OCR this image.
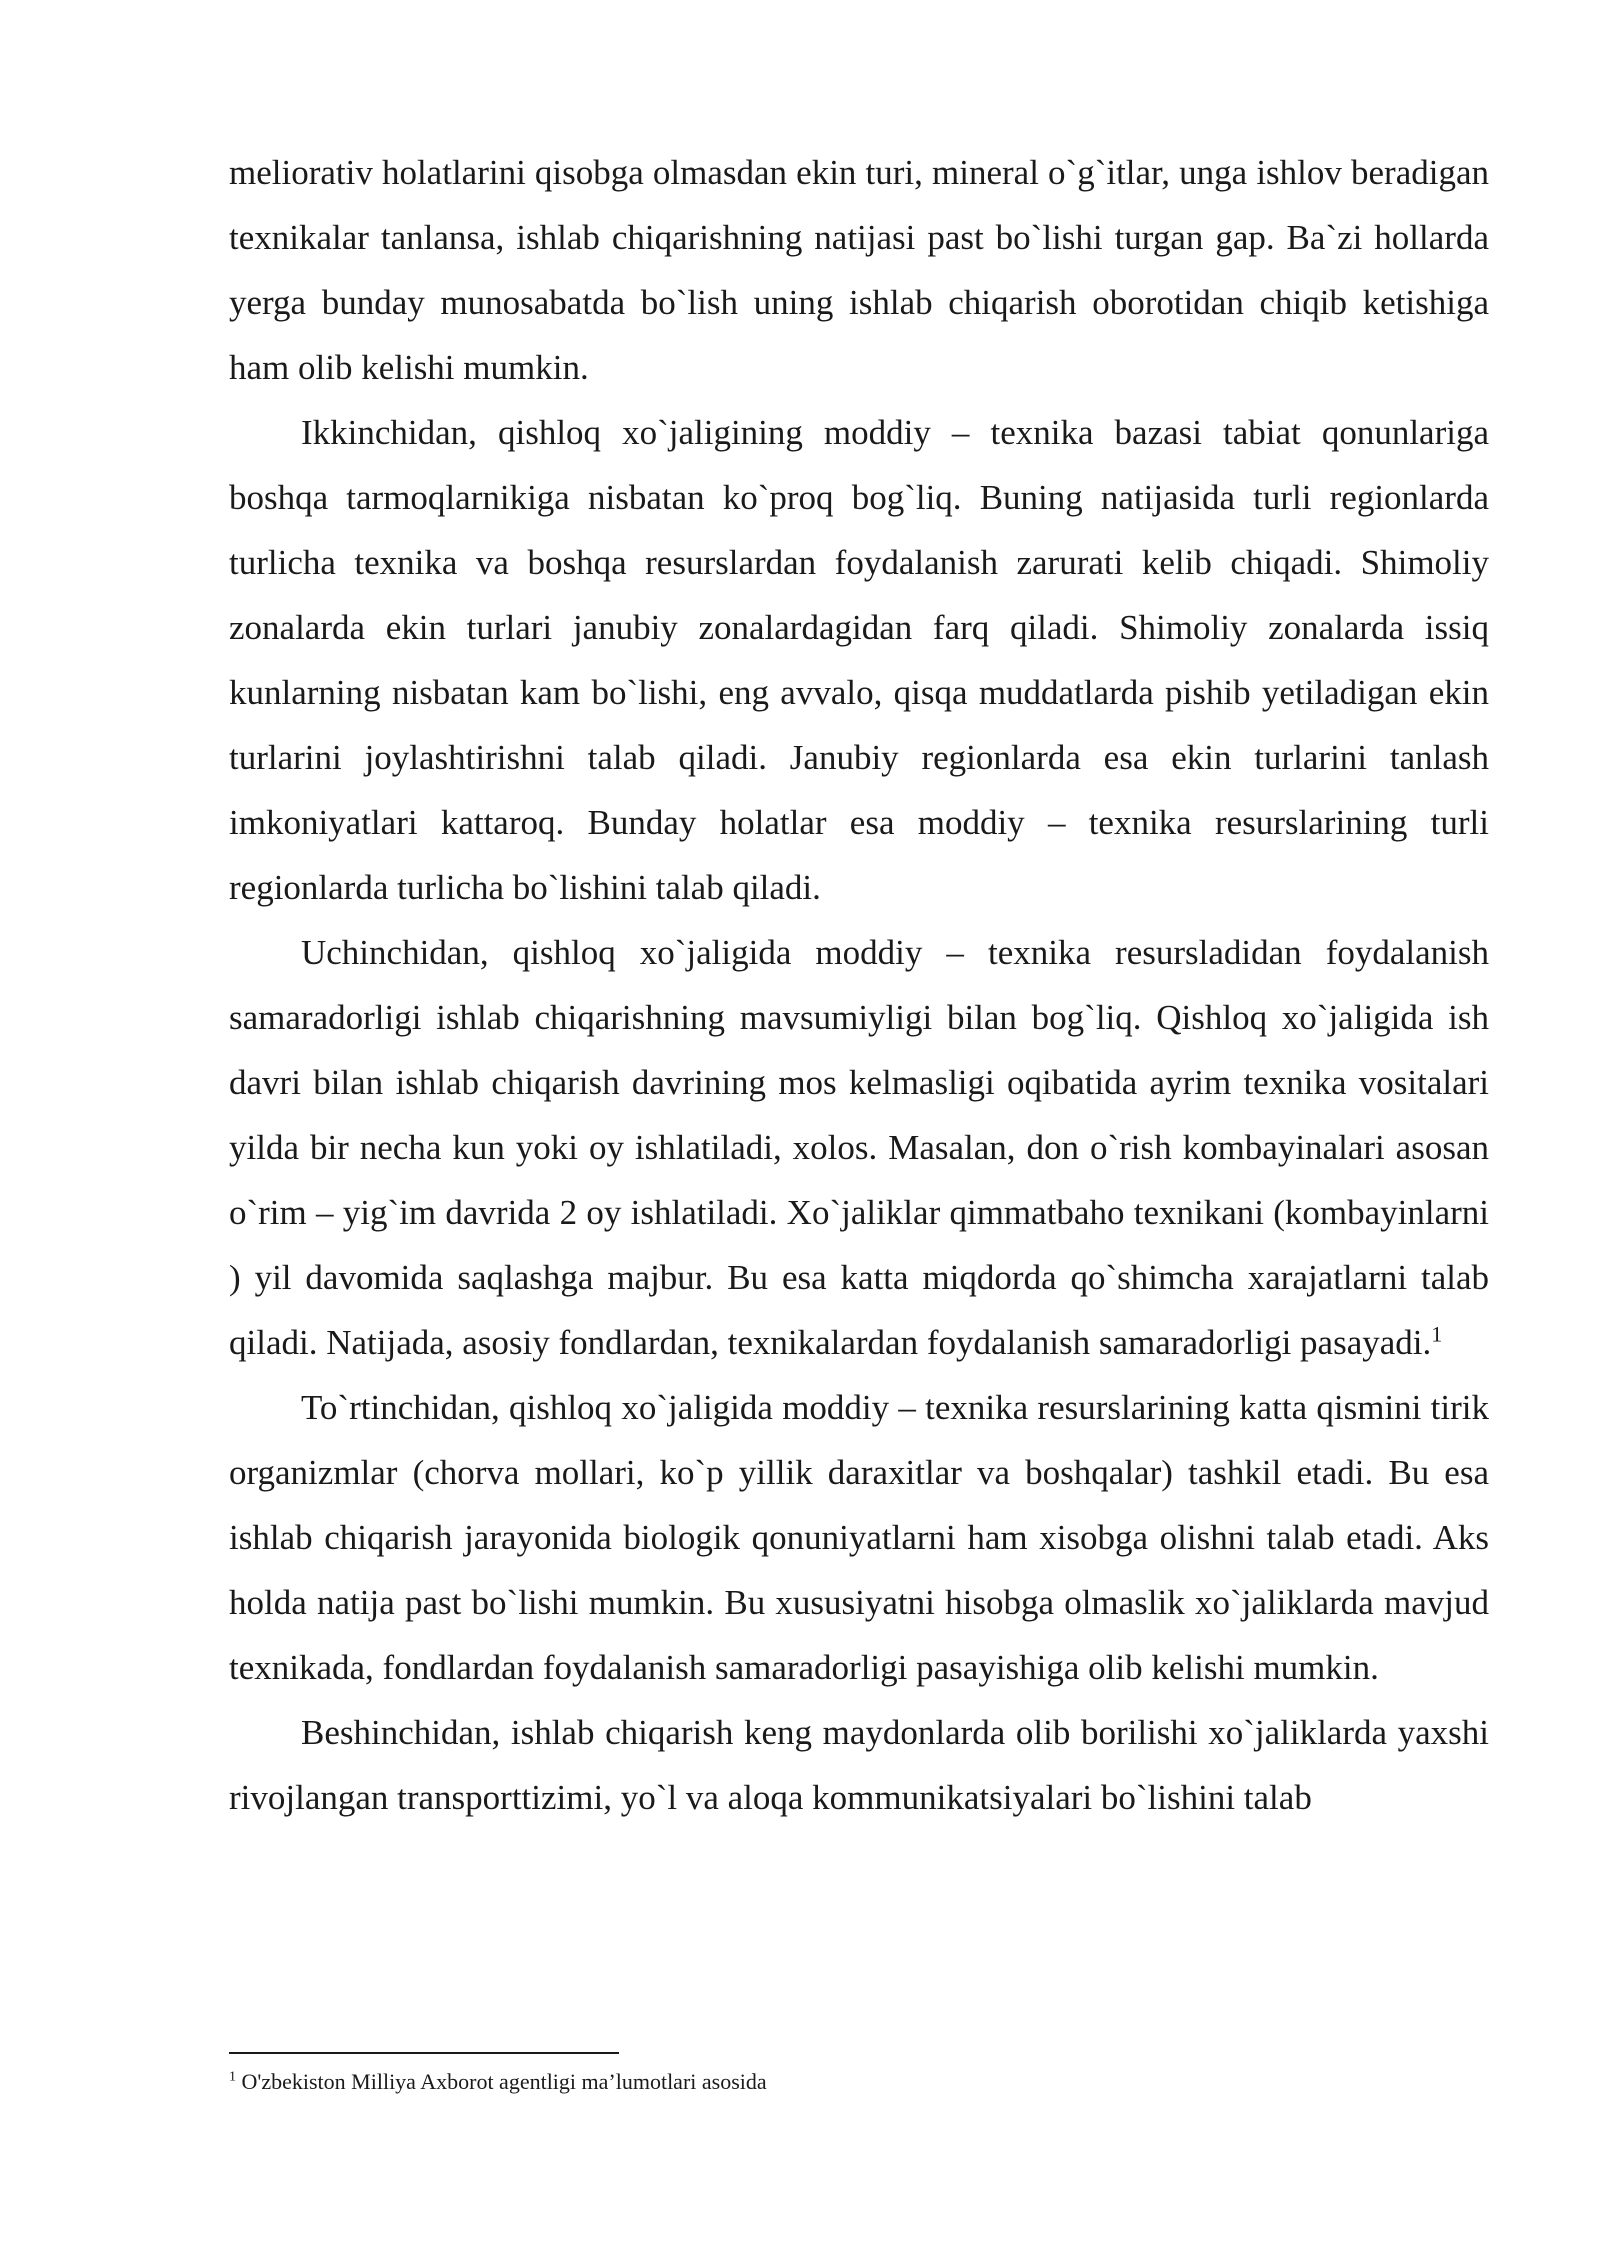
meliorativ holatlarini qisobga olmasdan ekin turi, mineral o`g`itlar, unga ishlov beradigan texnikalar tanlansa, ishlab chiqarishning natijasi past bo`lishi turgan gap. Ba`zi hollarda yerga bunday munosabatda bo`lish uning ishlab chiqarish oborotidan chiqib ketishiga ham olib kelishi mumkin.

Ikkinchidan, qishloq xo`jaligining moddiy – texnika bazasi tabiat qonunlariga boshqa tarmoqlarnikiga nisbatan ko`proq bog`liq. Buning natijasida turli regionlarda turlicha texnika va boshqa resurslardan foydalanish zarurati kelib chiqadi. Shimoliy zonalarda ekin turlari janubiy zonalardagidan farq qiladi. Shimoliy zonalarda issiq kunlarning nisbatan kam bo`lishi, eng avvalo, qisqa muddatlarda pishib yetiladigan ekin turlarini joylashtirishni talab qiladi. Janubiy regionlarda esa ekin turlarini tanlash imkoniyatlari kattaroq. Bunday holatlar esa moddiy – texnika resurslarining turli regionlarda turlicha bo`lishini talab qiladi.

Uchinchidan, qishloq xo`jaligida moddiy – texnika resursladidan foydalanish samaradorligi ishlab chiqarishning mavsumiyligi bilan bog`liq. Qishloq xo`jaligida ish davri bilan ishlab chiqarish davrining mos kelmasligi oqibatida ayrim texnika vositalari yilda bir necha kun yoki oy ishlatiladi, xolos. Masalan, don o`rish kombayinalari asosan o`rim – yig`im davrida 2 oy ishlatiladi. Xo`jaliklar qimmatbaho texnikani (kombayinlarni ) yil davomida saqlashga majbur. Bu esa katta miqdorda qo`shimcha xarajatlarni talab qiladi. Natijada, asosiy fondlardan, texnikalardan foydalanish samaradorligi pasayadi.$^1$

To`rtinchidan, qishloq xo`jaligida moddiy – texnika resurslarining katta qismini tirik organizmlar (chorva mollari, ko`p yillik daraxitlar va boshqalar) tashkil etadi. Bu esa ishlab chiqarish jarayonida biologik qonuniyatlarni ham xisobga olishni talab etadi. Aks holda natija past bo`lishi mumkin. Bu xususiyatni hisobga olmaslik xo`jaliklarda mavjud texnikada, fondlardan foydalanish samaradorligi pasayishiga olib kelishi mumkin.

Beshinchidan, ishlab chiqarish keng maydonlarda olib borilishi xo`jaliklarda yaxshi rivojlangan transporttizimi, yo`l va aloqa kommunikatsiyalari bo`lishini talab

$^1$ O'zbekiston Milliya Axborot agentligi ma’lumotlari asosida
